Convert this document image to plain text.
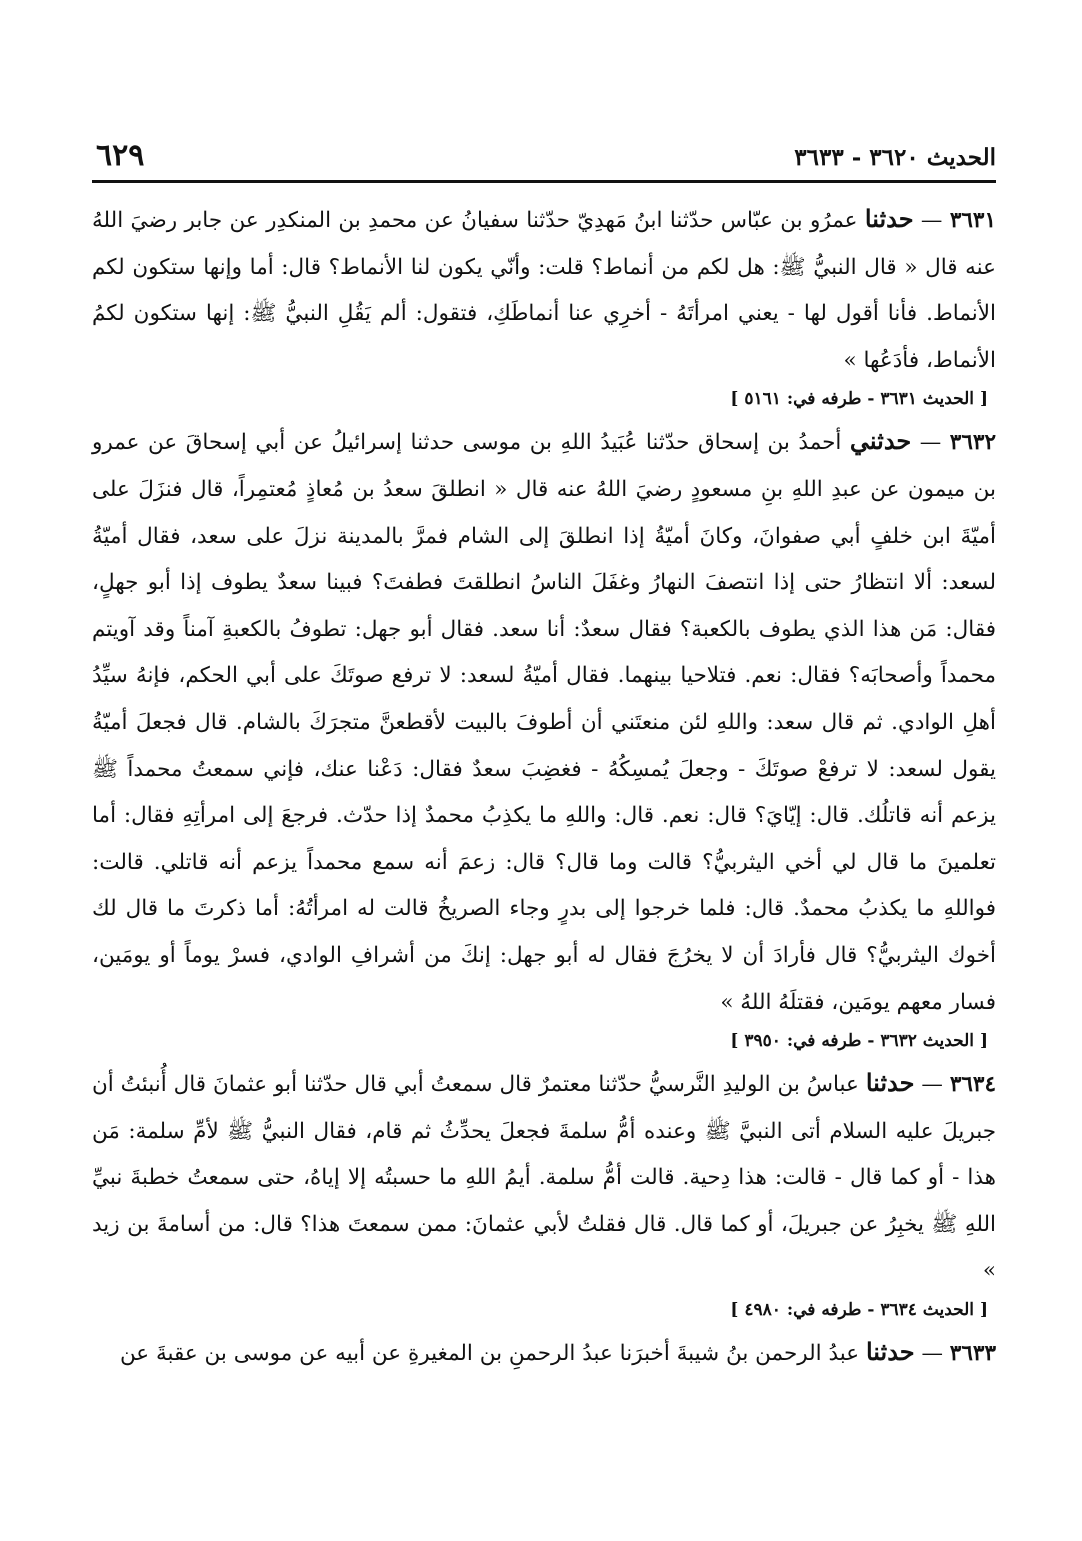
الحديث ٣٦٢٠ - ٣٦٣٣
٦٢٩

٣٦٣١ — حدثنا عمرُو بن عبّاس حدّثنا ابنُ مَهدِيّ حدّثنا سفيانُ عن محمدِ بن المنكدِر عن جابر رضيَ اللهُ عنه قال « قال النبيُّ ﷺ: هل لكم من أنماط؟ قلت: وأنّي يكون لنا الأنماط؟ قال: أما وإنها ستكون لكم الأنماط. فأنا أقول لها - يعني امرأتَهُ - أخرِي عنا أنماطَكِ، فتقول: ألم يَقُلِ النبيُّ ﷺ: إنها ستكون لكمُ الأنماط، فأدَعُها »

[ الحديث ٣٦٣١ - طرفه في: ٥١٦١ ]

٣٦٣٢ — حدثني أحمدُ بن إسحاق حدّثنا عُبَيدُ اللهِ بن موسى حدثنا إسرائيلُ عن أبي إسحاقَ عن عمرو بن ميمون عن عبدِ اللهِ بنِ مسعودٍ رضيَ اللهُ عنه قال « انطلقَ سعدُ بن مُعاذٍ مُعتمِراً، قال فنزَلَ على أميّةَ ابن خلفٍ أبي صفوانَ، وكانَ أميّةُ إذا انطلقَ إلى الشام فمرَّ بالمدينة نزلَ على سعد، فقال أميّةُ لسعد: ألا انتظارُ حتى إذا انتصفَ النهارُ وغفَلَ الناسُ انطلقتَ فطفتَ؟ فبينا سعدٌ يطوف إذا أبو جهلٍ، فقال: مَن هذا الذي يطوف بالكعبة؟ فقال سعدٌ: أنا سعد. فقال أبو جهل: تطوفُ بالكعبةِ آمناً وقد آويتم محمداً وأصحابَه؟ فقال: نعم. فتلاحيا بينهما. فقال أميّةُ لسعد: لا ترفع صوتَكَ على أبي الحكم، فإنهُ سيِّدُ أهلِ الوادي. ثم قال سعد: واللهِ لئن منعتَني أن أطوفَ بالبيت لأقطعنَّ متجرَكَ بالشام. قال فجعلَ أميّةُ يقول لسعد: لا ترفعْ صوتَكَ - وجعلَ يُمسِكُهُ - فغضِبَ سعدٌ فقال: دَعْنا عنك، فإني سمعتُ محمداً ﷺ يزعم أنه قاتلُك. قال: إيّايَ؟ قال: نعم. قال: واللهِ ما يكذِبُ محمدٌ إذا حدّث. فرجعَ إلى امرأتِهِ فقال: أما تعلمينَ ما قال لي أخي اليثربيُّ؟ قالت وما قال؟ قال: زعمَ أنه سمع محمداً يزعم أنه قاتلي. قالت: فواللهِ ما يكذبُ محمدٌ. قال: فلما خرجوا إلى بدرٍ وجاء الصريخُ قالت له امرأتُهُ: أما ذكرتَ ما قال لك أخوك اليثربيُّ؟ قال فأرادَ أن لا يخرُجَ فقال له أبو جهل: إنكَ من أشرافِ الوادي، فسرْ يوماً أو يومَين، فسار معهم يومَين، فقتلَهُ اللهُ »

[ الحديث ٣٦٣٢ - طرفه في: ٣٩٥٠ ]

٣٦٣٤ — حدثنا عباسُ بن الوليدِ النَّرسيُّ حدّثنا معتمرٌ قال سمعتُ أبي قال حدّثنا أبو عثمانَ قال أُنبئتُ أن جبريلَ عليه السلام أتى النبيَّ ﷺ وعنده أمُّ سلمةَ فجعلَ يحدِّثُ ثم قام، فقال النبيُّ ﷺ لأمِّ سلمة: مَن هذا - أو كما قال - قالت: هذا دِحية. قالت أمُّ سلمة. أيمُ اللهِ ما حسبتُه إلا إياهُ، حتى سمعتُ خطبةَ نبيِّ اللهِ ﷺ يخبِرُ عن جبريلَ، أو كما قال. قال فقلتُ لأبي عثمانَ: ممن سمعتَ هذا؟ قال: من أسامةَ بن زيد »

[ الحديث ٣٦٣٤ - طرفه في: ٤٩٨٠ ]

٣٦٣٣ — حدثنا عبدُ الرحمن بنُ شيبةَ أخبرَنا عبدُ الرحمنِ بن المغيرةِ عن أبيه عن موسى بن عقبةَ عن
